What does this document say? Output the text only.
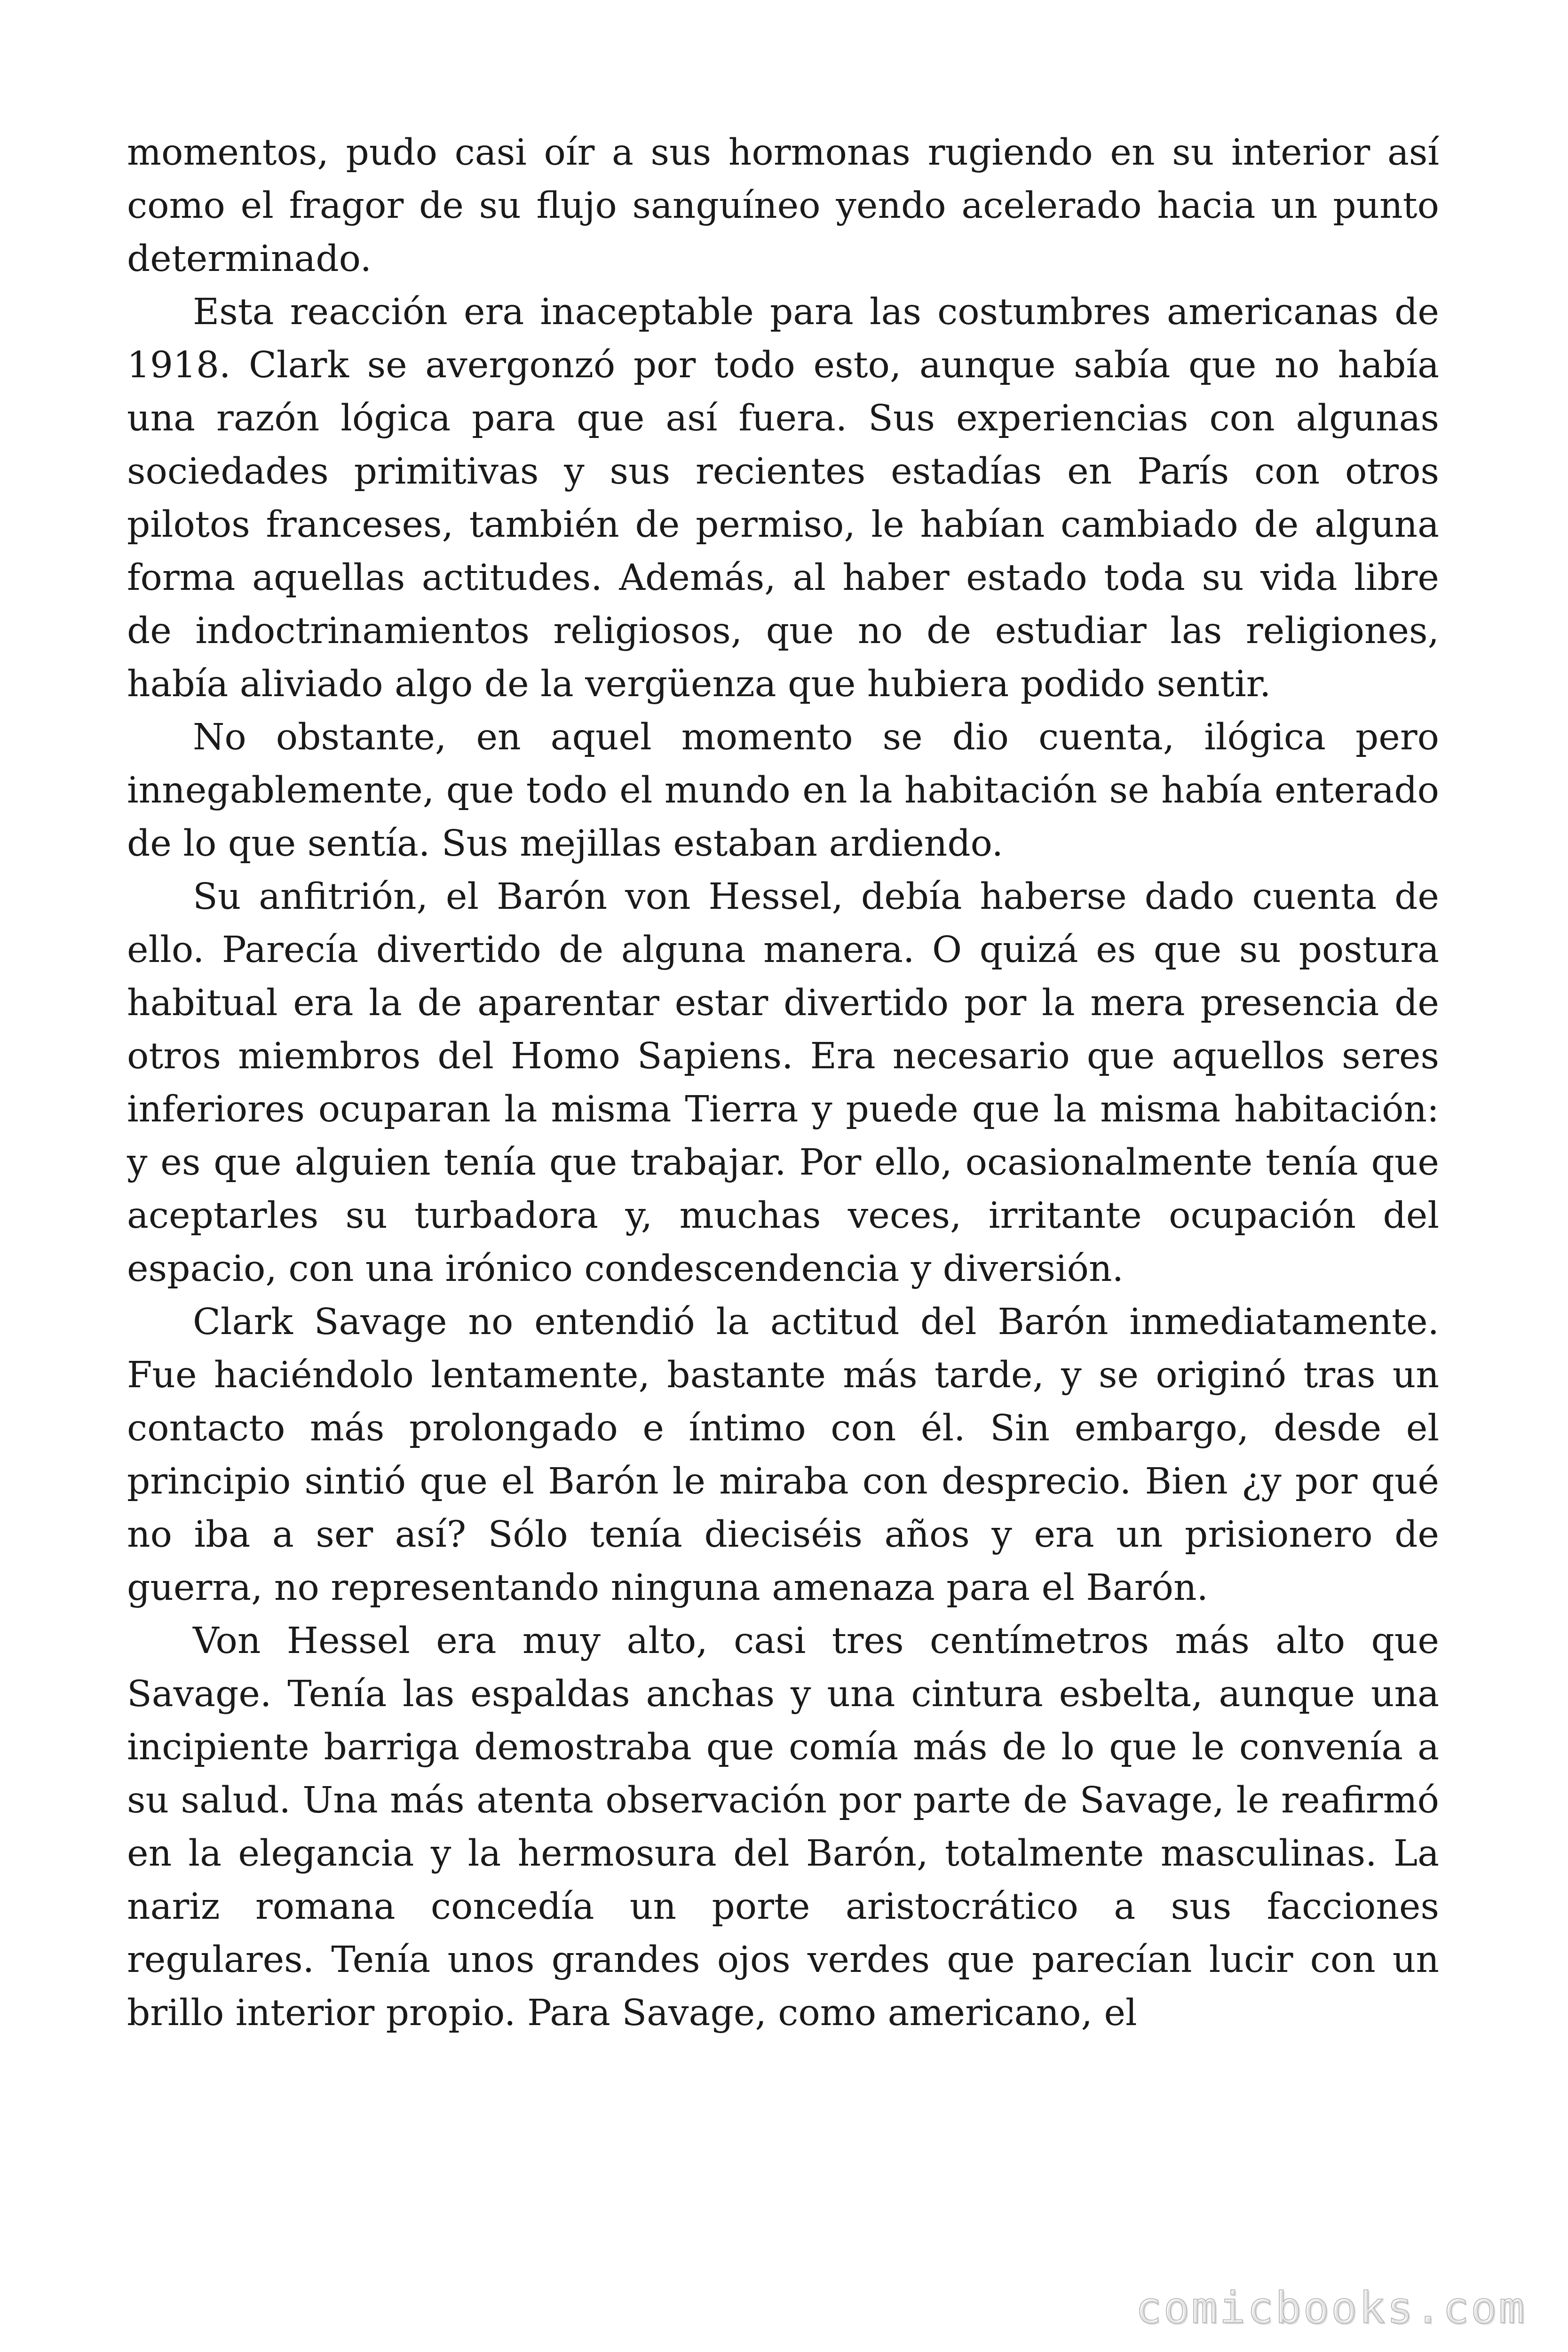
momentos, pudo casi oír a sus hormonas rugiendo en su interior así como el fragor de su flujo sanguíneo yendo acelerado hacia un punto determinado.

Esta reacción era inaceptable para las costumbres americanas de 1918. Clark se avergonzó por todo esto, aunque sabía que no había una razón lógica para que así fuera. Sus experiencias con algunas sociedades primitivas y sus recientes estadías en París con otros pilotos franceses, también de permiso, le habían cambiado de alguna forma aquellas actitudes. Además, al haber estado toda su vida libre de indoctrinamientos religiosos, que no de estudiar las religiones, había aliviado algo de la vergüenza que hubiera podido sentir.

No obstante, en aquel momento se dio cuenta, ilógica pero innegablemente, que todo el mundo en la habitación se había enterado de lo que sentía. Sus mejillas estaban ardiendo.

Su anfitrión, el Barón von Hessel, debía haberse dado cuenta de ello. Parecía divertido de alguna manera. O quizá es que su postura habitual era la de aparentar estar divertido por la mera presencia de otros miembros del Homo Sapiens. Era necesario que aquellos seres inferiores ocuparan la misma Tierra y puede que la misma habitación: y es que alguien tenía que trabajar. Por ello, ocasionalmente tenía que aceptarles su turbadora y, muchas veces, irritante ocupación del espacio, con una irónico condescendencia y diversión.

Clark Savage no entendió la actitud del Barón inmediatamente. Fue haciéndolo lentamente, bastante más tarde, y se originó tras un contacto más prolongado e íntimo con él. Sin embargo, desde el principio sintió que el Barón le miraba con desprecio. Bien ¿y por qué no iba a ser así? Sólo tenía dieciséis años y era un prisionero de guerra, no representando ninguna amenaza para el Barón.

Von Hessel era muy alto, casi tres centímetros más alto que Savage. Tenía las espaldas anchas y una cintura esbelta, aunque una incipiente barriga demostraba que comía más de lo que le convenía a su salud. Una más atenta observación por parte de Savage, le reafirmó en la elegancia y la hermosura del Barón, totalmente masculinas. La nariz romana concedía un porte aristocrático a sus facciones regulares. Tenía unos grandes ojos verdes que parecían lucir con un brillo interior propio. Para Savage, como americano, el

comicbooks.com
